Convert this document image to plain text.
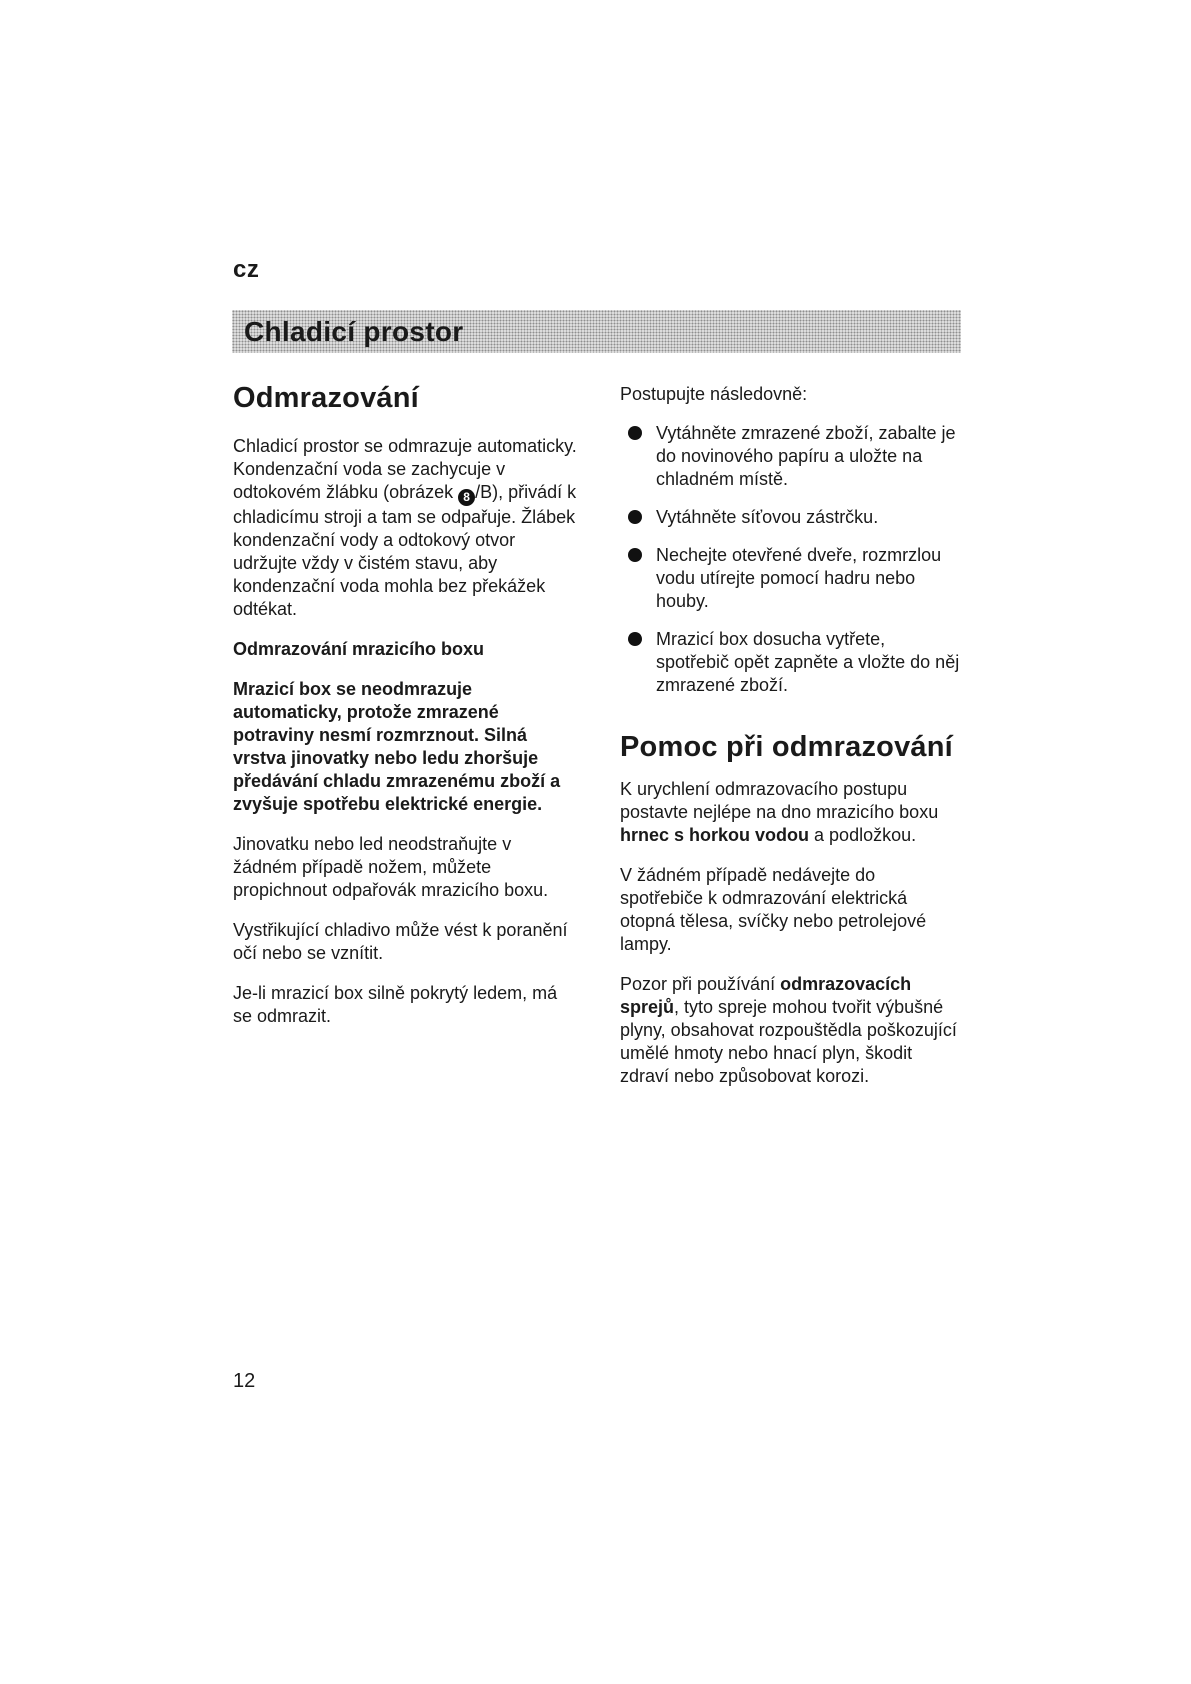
cz
Chladicí prostor
Odmrazování

Chladicí prostor se odmrazuje automaticky. Kondenzační voda se zachycuje v odtokovém žlábku (obrázek 8 /B), přivádí k chladicímu stroji a tam se odpařuje. Žlábek kondenzační vody a odtokový otvor udržujte vždy v čistém stavu, aby kondenzační voda mohla bez překážek odtékat.

Odmrazování mrazicího boxu

Mrazicí box se neodmrazuje automaticky, protože zmrazené potraviny nesmí rozmrznout. Silná vrstva jinovatky nebo ledu zhoršuje předávání chladu zmrazenému zboží a zvyšuje spotřebu elektrické energie.

Jinovatku nebo led neodstraňujte v žádném případě nožem, můžete propichnout odpařovák mrazicího boxu.

Vystřikující chladivo může vést k poranění očí nebo se vznítit.

Je-li mrazicí box silně pokrytý ledem, má se odmrazit.

Postupujte následovně:

Vytáhněte zmrazené zboží, zabalte je do novinového papíru a uložte na chladném místě.
Vytáhněte síťovou zástrčku.
Nechejte otevřené dveře, rozmrzlou vodu utírejte pomocí hadru nebo houby.
Mrazicí box dosucha vytřete, spotřebič opět zapněte a vložte do něj zmrazené zboží.
Pomoc při odmrazování

K urychlení odmrazovacího postupu postavte nejlépe na dno mrazicího boxu hrnec s horkou vodou a podložkou.

V žádném případě nedávejte do spotřebiče k odmrazování elektrická otopná tělesa, svíčky nebo petrolejové lampy.

Pozor při používání odmrazovacích sprejů, tyto spreje mohou tvořit výbušné plyny, obsahovat rozpouštědla poškozující umělé hmoty nebo hnací plyn, škodit zdraví nebo způsobovat korozi.

12
